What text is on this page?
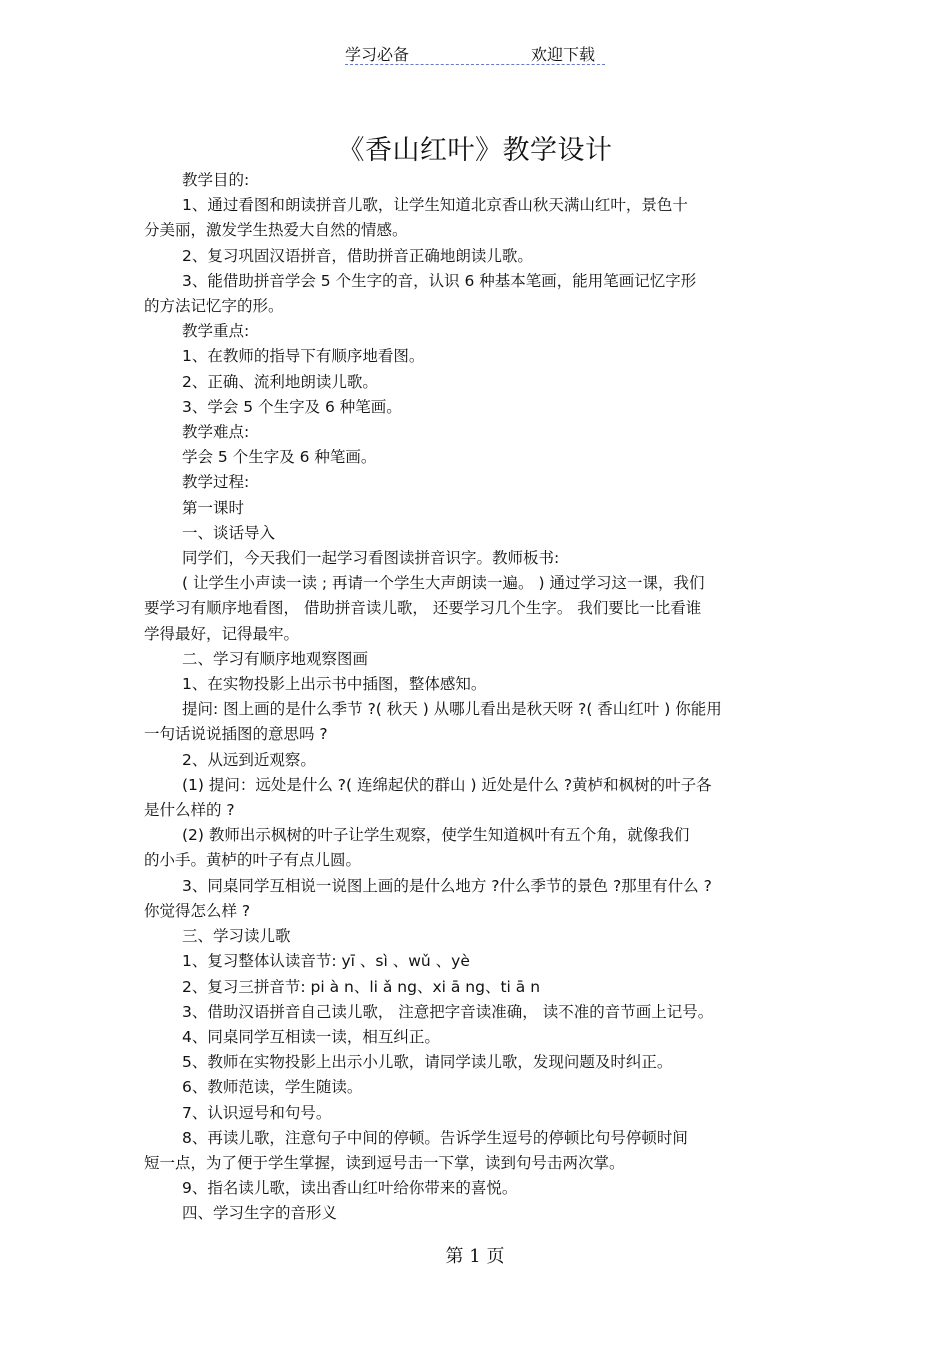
学习必备	欢迎下载
《香山红叶》教学设计

教学目的:

1、通过看图和朗读拼音儿歌，让学生知道北京香山秋天满山红叶，景色十

分美丽，激发学生热爱大自然的情感。

2、复习巩固汉语拼音，借助拼音正确地朗读儿歌。

3、能借助拼音学会 5 个生字的音，认识 6 种基本笔画，能用笔画记忆字形

的方法记忆字的形。

教学重点:

1、在教师的指导下有顺序地看图。

2、正确、流利地朗读儿歌。

3、学会 5 个生字及 6 种笔画。

教学难点:

学会 5 个生字及 6 种笔画。

教学过程:

第一课时

一、谈话导入

同学们，今天我们一起学习看图读拼音识字。教师板书:

( 让学生小声读一读 ; 再请一个学生大声朗读一遍。 ) 通过学习这一课，我们

要学习有顺序地看图， 借助拼音读儿歌， 还要学习几个生字。 我们要比一比看谁

学得最好，记得最牢。

二、学习有顺序地观察图画

1、在实物投影上出示书中插图，整体感知。

提问: 图上画的是什么季节 ?( 秋天 ) 从哪儿看出是秋天呀 ?( 香山红叶 ) 你能用

一句话说说插图的意思吗 ?

2、从远到近观察。

(1) 提问：远处是什么 ?( 连绵起伏的群山 ) 近处是什么 ?黄栌和枫树的叶子各

是什么样的 ?

(2) 教师出示枫树的叶子让学生观察，使学生知道枫叶有五个角，就像我们

的小手。黄栌的叶子有点儿圆。

3、同桌同学互相说一说图上画的是什么地方 ?什么季节的景色 ?那里有什么 ?

你觉得怎么样 ?

三、学习读儿歌

1、复习整体认读音节: yī 、sì 、wǔ 、yè

2、复习三拼音节: pi à n、li ǎ ng、xi ā ng、ti ā n

3、借助汉语拼音自己读儿歌， 注意把字音读准确， 读不准的音节画上记号。

4、同桌同学互相读一读，相互纠正。

5、教师在实物投影上出示小儿歌，请同学读儿歌，发现问题及时纠正。

6、教师范读，学生随读。

7、认识逗号和句号。

8、再读儿歌，注意句子中间的停顿。告诉学生逗号的停顿比句号停顿时间

短一点，为了便于学生掌握，读到逗号击一下掌，读到句号击两次掌。

9、指名读儿歌，读出香山红叶给你带来的喜悦。

四、学习生字的音形义

第 1 页
